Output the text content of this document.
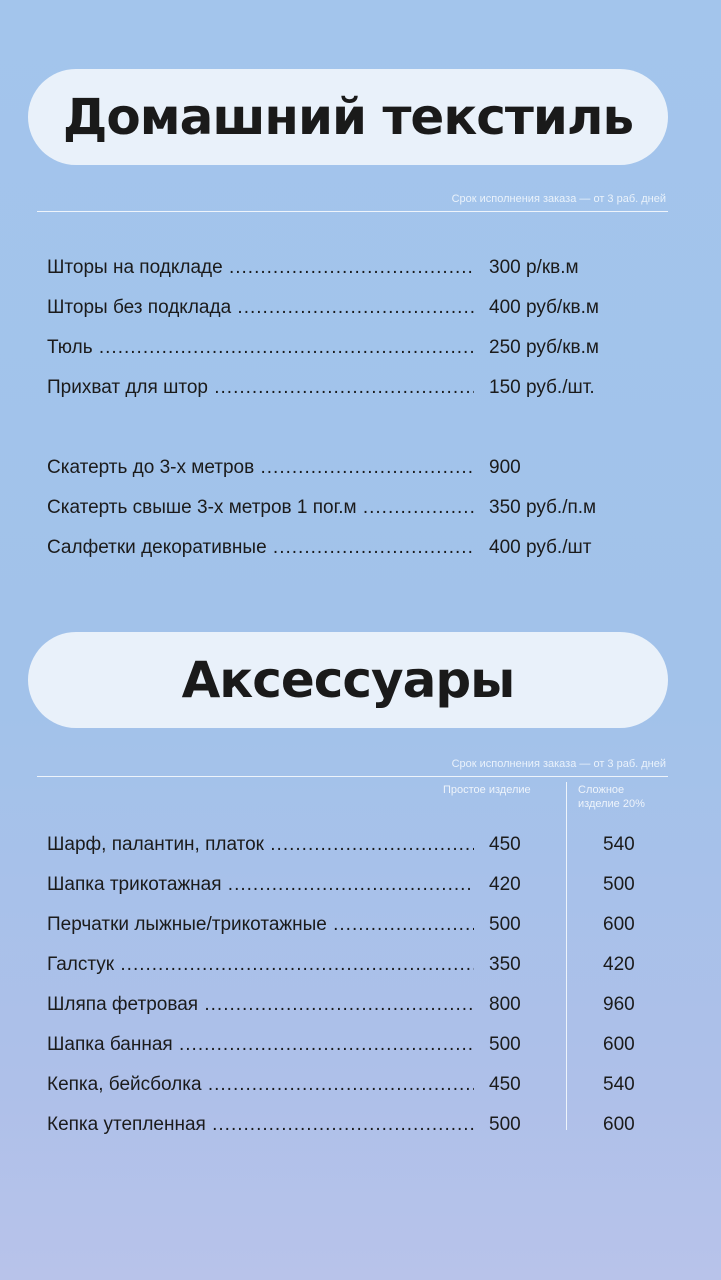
Домашний текстиль
Срок исполнения заказа — от 3 раб. дней
Шторы на подкладе .....	300 р/кв.м
Шторы без подклада .....	400 руб/кв.м
Тюль .....	250 руб/кв.м
Прихват для штор .....	150 руб./шт.
Скатерть до 3-х метров .....	900
Скатерть свыше 3-х метров 1 пог.м .....	350 руб./п.м
Салфетки декоративные .....	400 руб./шт
Аксессуары
Срок исполнения заказа — от 3 раб. дней
Простое изделие	Сложное изделие 20%
Шарф, палантин, платок .....	450	540
Шапка трикотажная .....	420	500
Перчатки лыжные/трикотажные .....	500	600
Галстук .....	350	420
Шляпа фетровая .....	800	960
Шапка банная .....	500	600
Кепка, бейсболка .....	450	540
Кепка утепленная .....	500	600
